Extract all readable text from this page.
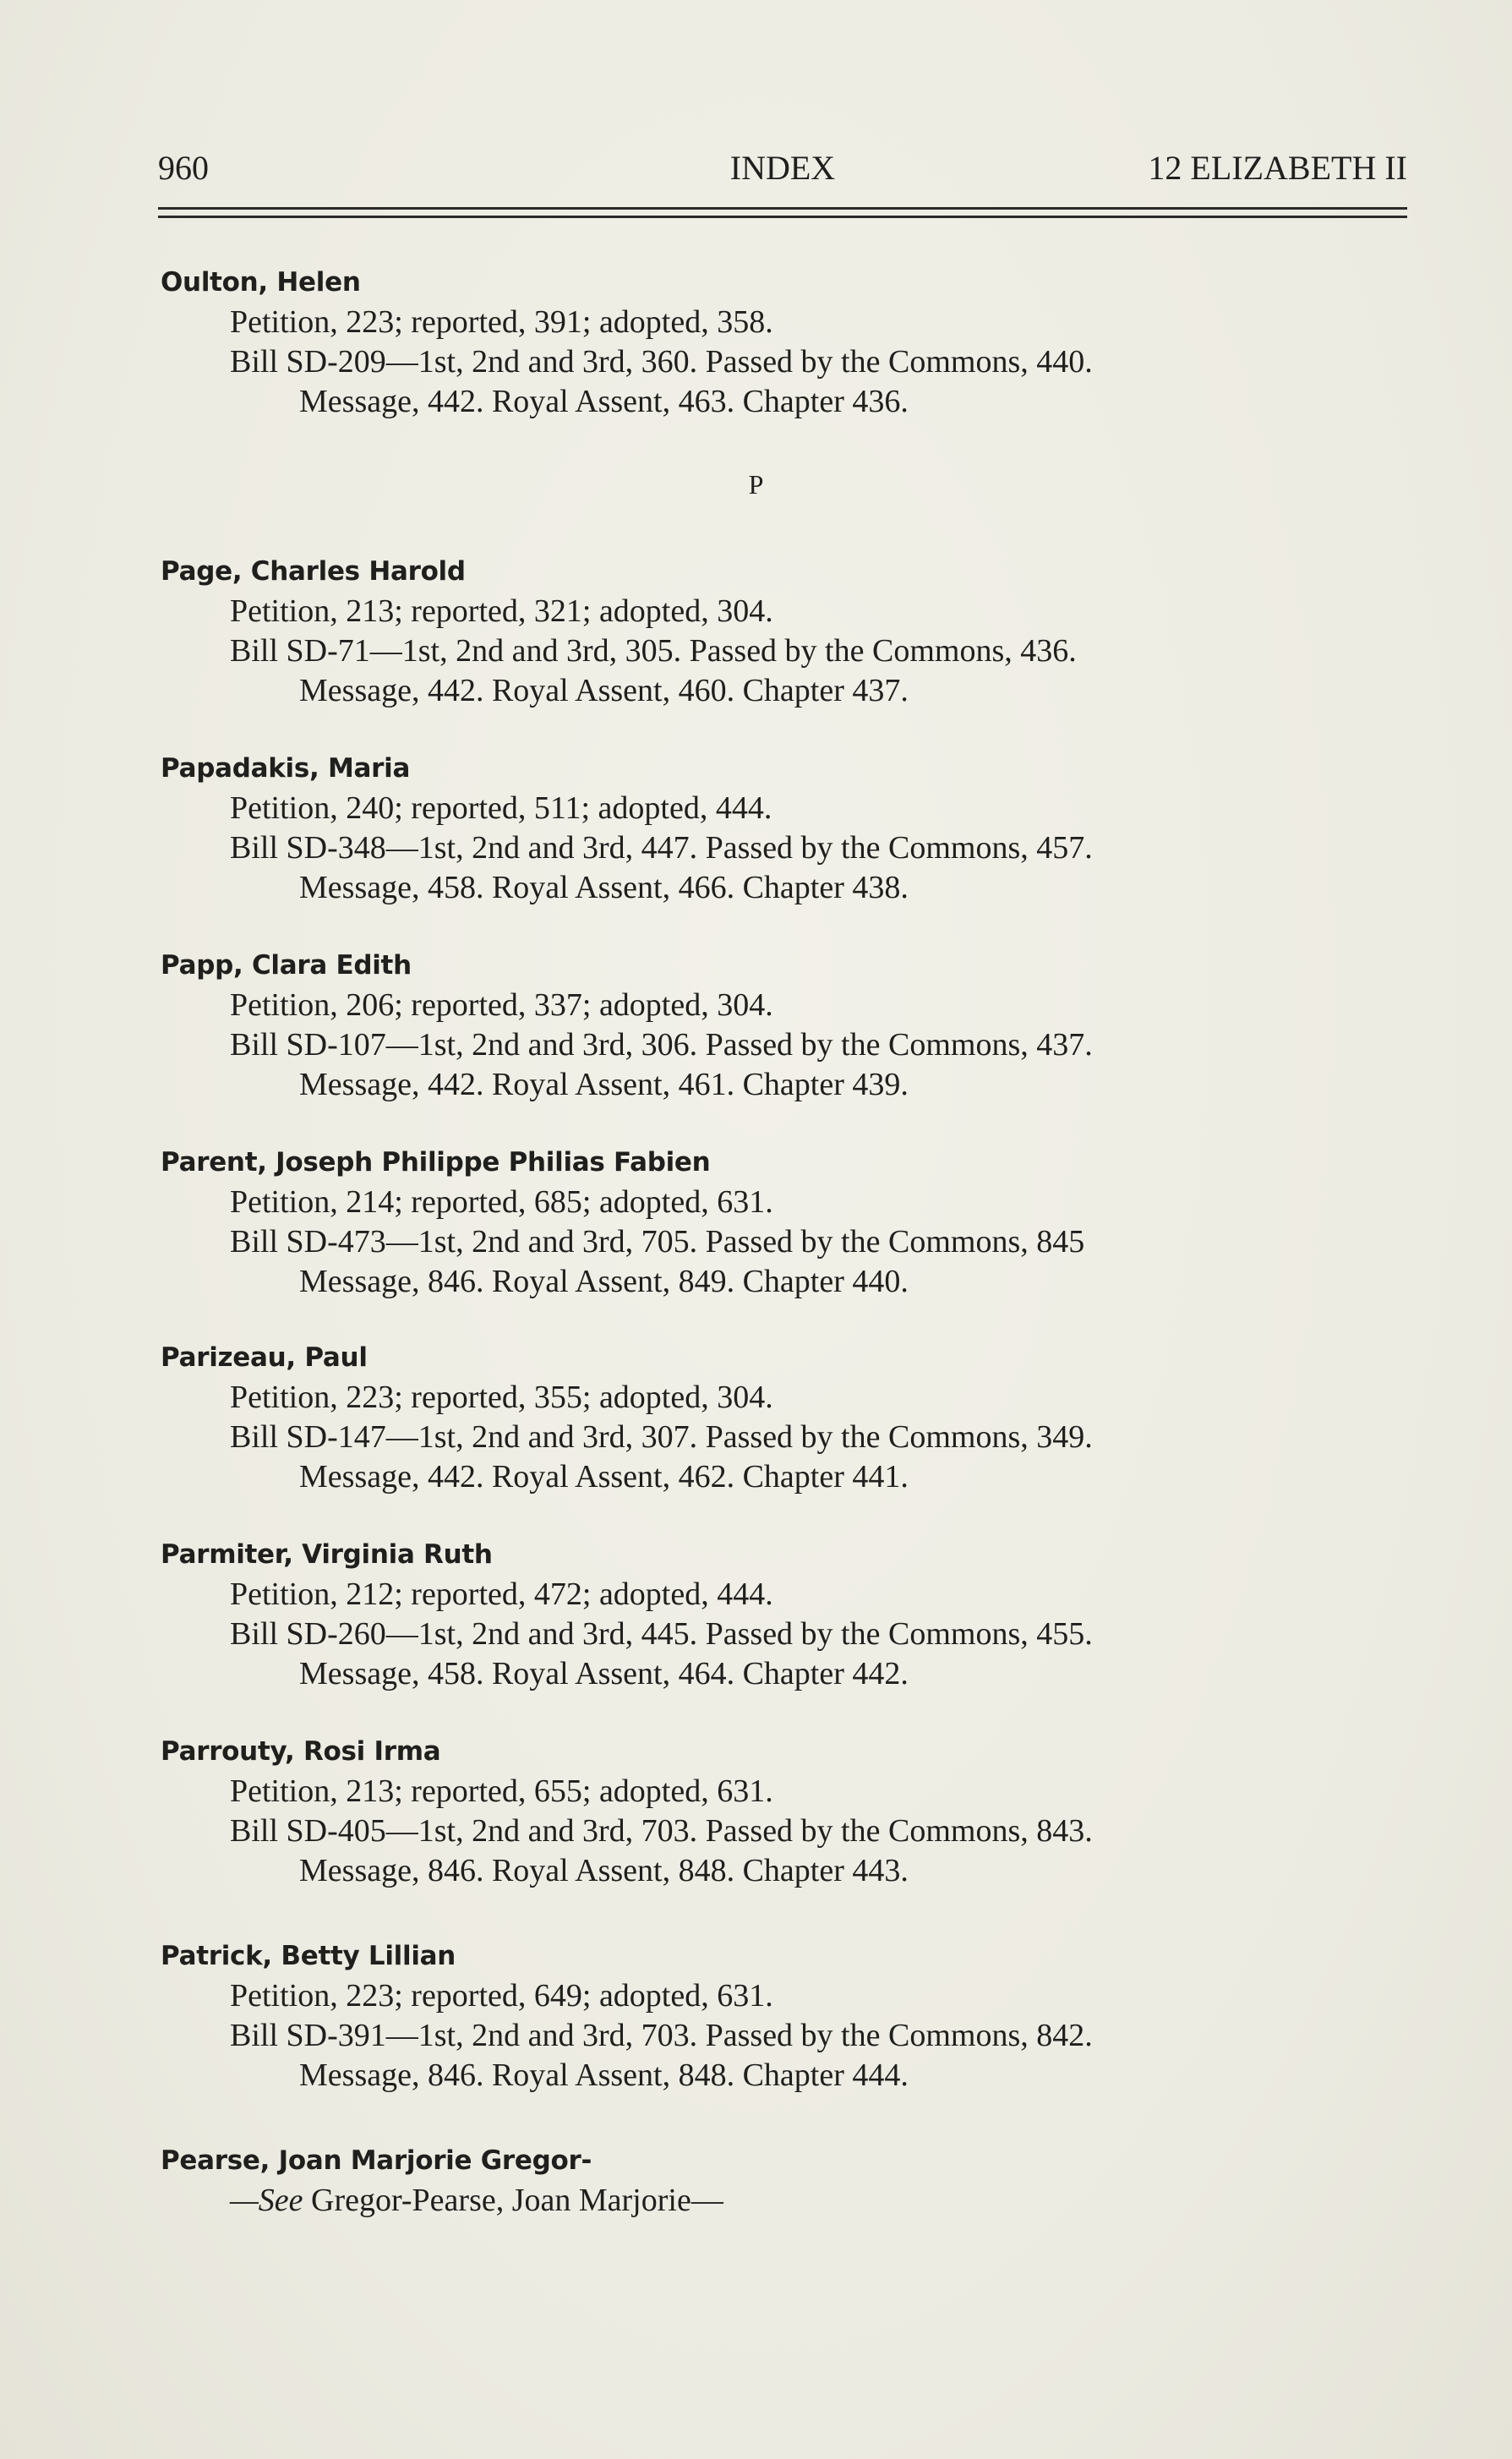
960	INDEX	12 ELIZABETH II
Oulton, Helen
Petition, 223; reported, 391; adopted, 358.
Bill SD-209—1st, 2nd and 3rd, 360. Passed by the Commons, 440.
Message, 442. Royal Assent, 463. Chapter 436.
P
Page, Charles Harold
Petition, 213; reported, 321; adopted, 304.
Bill SD-71—1st, 2nd and 3rd, 305. Passed by the Commons, 436.
Message, 442. Royal Assent, 460. Chapter 437.
Papadakis, Maria
Petition, 240; reported, 511; adopted, 444.
Bill SD-348—1st, 2nd and 3rd, 447. Passed by the Commons, 457.
Message, 458. Royal Assent, 466. Chapter 438.
Papp, Clara Edith
Petition, 206; reported, 337; adopted, 304.
Bill SD-107—1st, 2nd and 3rd, 306. Passed by the Commons, 437.
Message, 442. Royal Assent, 461. Chapter 439.
Parent, Joseph Philippe Philias Fabien
Petition, 214; reported, 685; adopted, 631.
Bill SD-473—1st, 2nd and 3rd, 705. Passed by the Commons, 845
Message, 846. Royal Assent, 849. Chapter 440.
Parizeau, Paul
Petition, 223; reported, 355; adopted, 304.
Bill SD-147—1st, 2nd and 3rd, 307. Passed by the Commons, 349.
Message, 442. Royal Assent, 462. Chapter 441.
Parmiter, Virginia Ruth
Petition, 212; reported, 472; adopted, 444.
Bill SD-260—1st, 2nd and 3rd, 445. Passed by the Commons, 455.
Message, 458. Royal Assent, 464. Chapter 442.
Parrouty, Rosi Irma
Petition, 213; reported, 655; adopted, 631.
Bill SD-405—1st, 2nd and 3rd, 703. Passed by the Commons, 843.
Message, 846. Royal Assent, 848. Chapter 443.
Patrick, Betty Lillian
Petition, 223; reported, 649; adopted, 631.
Bill SD-391—1st, 2nd and 3rd, 703. Passed by the Commons, 842.
Message, 846. Royal Assent, 848. Chapter 444.
Pearse, Joan Marjorie Gregor-
—See Gregor-Pearse, Joan Marjorie—
